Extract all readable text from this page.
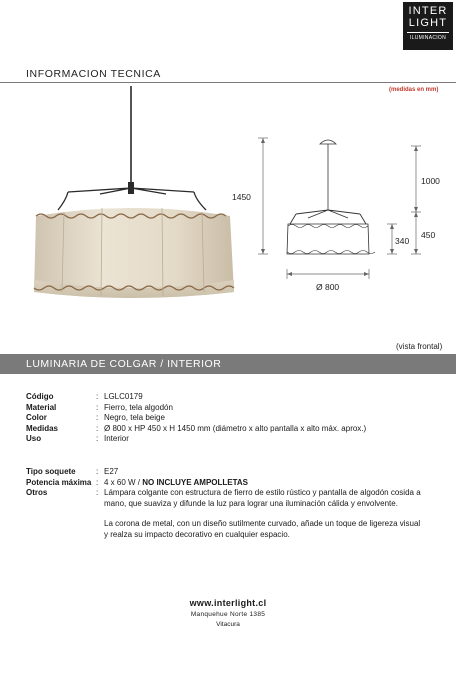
INTER
LIGHT
ILUMINACION
INFORMACION TECNICA
(medidas en mm)
1450
1000
450
340
Ø 800
(vista frontal)
LUMINARIA DE COLGAR / INTERIOR
Código	: LGLC0179
Material	: Fierro, tela algodón
Color	: Negro, tela beige
Medidas	: Ø 800 x HP 450 x H 1450 mm (diámetro x alto pantalla x alto máx. aprox.)
Uso	: Interior
Tipo soquete	: E27
Potencia máxima : 4 x 60 W / NO INCLUYE AMPOLLETAS
Otros	: Lámpara colgante con estructura de fierro de estilo rústico y pantalla de algodón cosida a mano, que suaviza y difunde la luz para lograr una iluminación cálida y envolvente.
La corona de metal, con un diseño sutilmente curvado, añade un toque de ligereza visual y realza su impacto decorativo en cualquier espacio.
www.interlight.cl
Manquehue Norte 1385
Vitacura
